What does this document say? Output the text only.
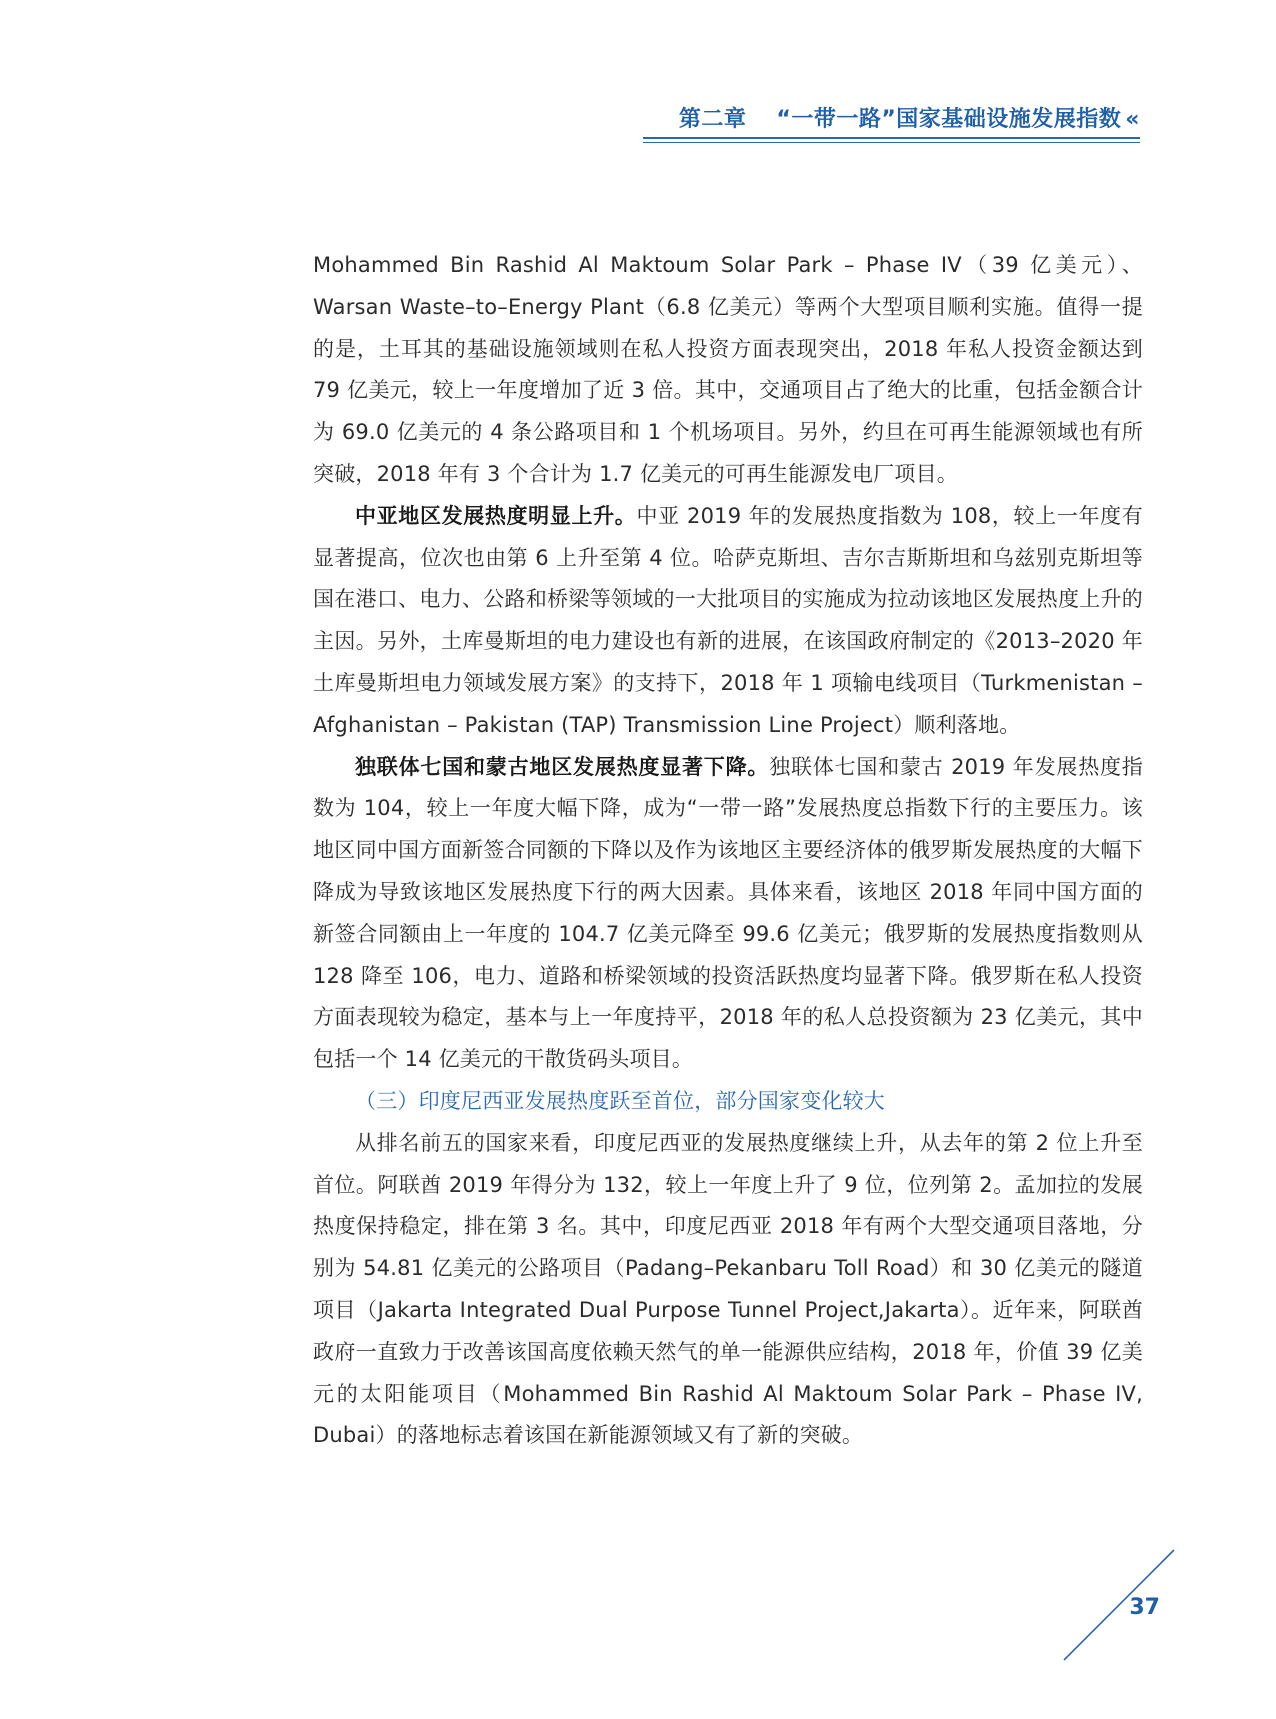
第二章 “一带一路”国家基础设施发展指数 «

Mohammed Bin Rashid Al Maktoum Solar Park – Phase IV（39 亿美元）、Warsan Waste–to–Energy Plant（6.8 亿美元）等两个大型项目顺利实施。值得一提的是，土耳其的基础设施领域则在私人投资方面表现突出，2018 年私人投资金额达到 79 亿美元，较上一年度增加了近 3 倍。其中，交通项目占了绝大的比重，包括金额合计为 69.0 亿美元的 4 条公路项目和 1 个机场项目。另外，约旦在可再生能源领域也有所突破，2018 年有 3 个合计为 1.7 亿美元的可再生能源发电厂项目。

中亚地区发展热度明显上升。中亚 2019 年的发展热度指数为 108，较上一年度有显著提高，位次也由第 6 上升至第 4 位。哈萨克斯坦、吉尔吉斯斯坦和乌兹别克斯坦等国在港口、电力、公路和桥梁等领域的一大批项目的实施成为拉动该地区发展热度上升的主因。另外，土库曼斯坦的电力建设也有新的进展，在该国政府制定的《2013–2020 年土库曼斯坦电力领域发展方案》的支持下，2018 年 1 项输电线项目（Turkmenistan – Afghanistan – Pakistan (TAP) Transmission Line Project）顺利落地。

独联体七国和蒙古地区发展热度显著下降。独联体七国和蒙古 2019 年发展热度指数为 104，较上一年度大幅下降，成为“一带一路”发展热度总指数下行的主要压力。该地区同中国方面新签合同额的下降以及作为该地区主要经济体的俄罗斯发展热度的大幅下降成为导致该地区发展热度下行的两大因素。具体来看，该地区 2018 年同中国方面的新签合同额由上一年度的 104.7 亿美元降至 99.6 亿美元；俄罗斯的发展热度指数则从 128 降至 106，电力、道路和桥梁领域的投资活跃热度均显著下降。俄罗斯在私人投资方面表现较为稳定，基本与上一年度持平，2018 年的私人总投资额为 23 亿美元，其中包括一个 14 亿美元的干散货码头项目。

（三）印度尼西亚发展热度跃至首位，部分国家变化较大

从排名前五的国家来看，印度尼西亚的发展热度继续上升，从去年的第 2 位上升至首位。阿联酋 2019 年得分为 132，较上一年度上升了 9 位，位列第 2。孟加拉的发展热度保持稳定，排在第 3 名。其中，印度尼西亚 2018 年有两个大型交通项目落地，分别为 54.81 亿美元的公路项目（Padang–Pekanbaru Toll Road）和 30 亿美元的隧道项目（Jakarta Integrated Dual Purpose Tunnel Project,Jakarta）。近年来，阿联酋政府一直致力于改善该国高度依赖天然气的单一能源供应结构，2018 年，价值 39 亿美元的太阳能项目（Mohammed Bin Rashid Al Maktoum Solar Park – Phase IV, Dubai）的落地标志着该国在新能源领域又有了新的突破。

37
